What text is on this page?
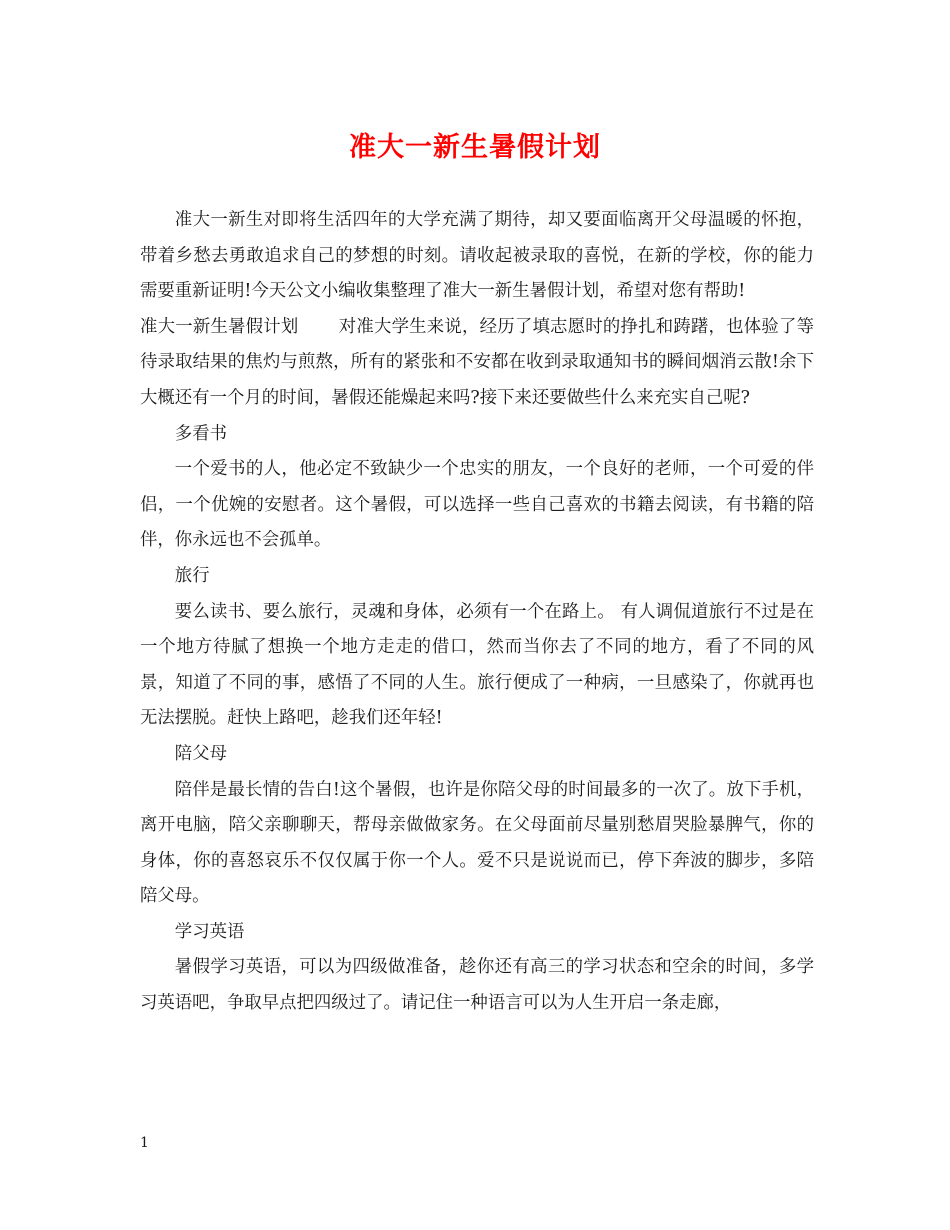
准大一新生暑假计划

准大一新生对即将生活四年的大学充满了期待，却又要面临离开父母温暖的怀抱，带着乡愁去勇敢追求自己的梦想的时刻。请收起被录取的喜悦，在新的学校，你的能力需要重新证明!今天公文小编收集整理了准大一新生暑假计划，希望对您有帮助!

准大一新生暑假计划 对准大学生来说，经历了填志愿时的挣扎和踌躇，也体验了等待录取结果的焦灼与煎熬，所有的紧张和不安都在收到录取通知书的瞬间烟消云散!余下大概还有一个月的时间，暑假还能燥起来吗?接下来还要做些什么来充实自己呢?

多看书

一个爱书的人，他必定不致缺少一个忠实的朋友，一个良好的老师，一个可爱的伴侣，一个优婉的安慰者。这个暑假，可以选择一些自己喜欢的书籍去阅读，有书籍的陪伴，你永远也不会孤单。

旅行

要么读书、要么旅行，灵魂和身体，必须有一个在路上。 有人调侃道旅行不过是在一个地方待腻了想换一个地方走走的借口，然而当你去了不同的地方，看了不同的风景，知道了不同的事，感悟了不同的人生。旅行便成了一种病，一旦感染了，你就再也无法摆脱。赶快上路吧，趁我们还年轻!

陪父母

陪伴是最长情的告白!这个暑假，也许是你陪父母的时间最多的一次了。放下手机，离开电脑，陪父亲聊聊天，帮母亲做做家务。在父母面前尽量别愁眉哭脸暴脾气，你的身体，你的喜怒哀乐不仅仅属于你一个人。爱不只是说说而已，停下奔波的脚步，多陪陪父母。

学习英语

暑假学习英语，可以为四级做准备，趁你还有高三的学习状态和空余的时间，多学习英语吧，争取早点把四级过了。请记住一种语言可以为人生开启一条走廊，

1
